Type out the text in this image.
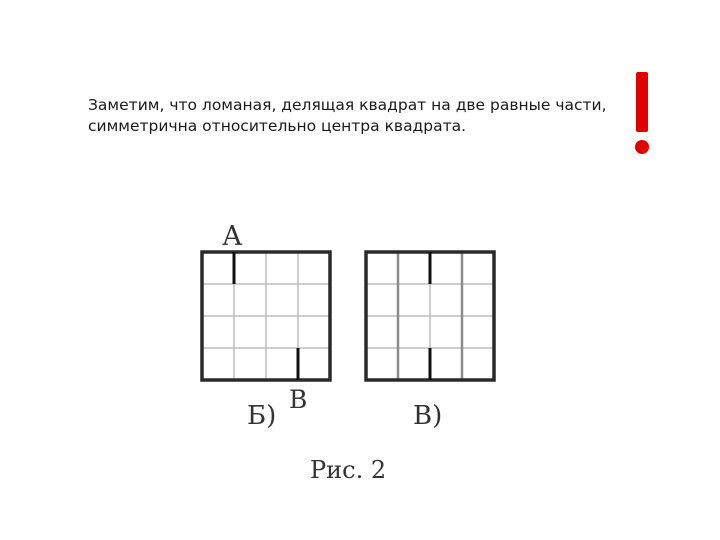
Заметим, что ломаная, делящая квадрат на две равные части,
симметрична относительно центра квадрата.
А
В
Б)	В)
Рис. 2
